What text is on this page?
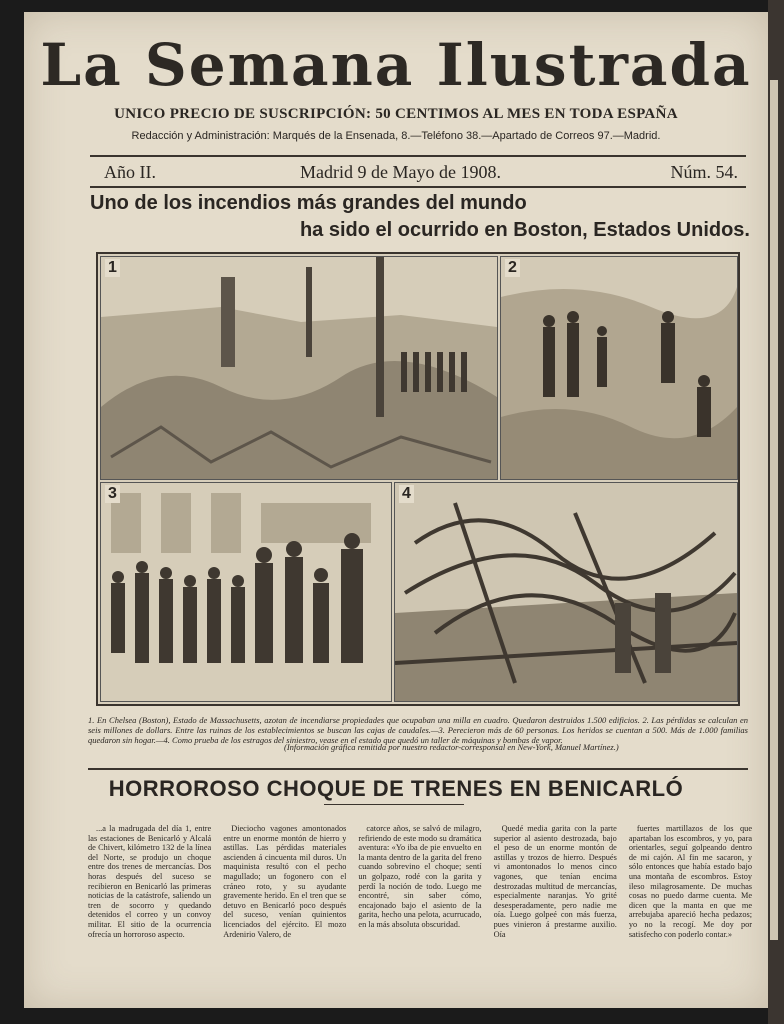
La Semana Ilustrada
UNICO PRECIO DE SUSCRIPCIÓN: 50 CENTIMOS AL MES EN TODA ESPAÑA
Redacción y Administración: Marqués de la Ensenada, 8.—Teléfono 38.—Apartado de Correos 97.—Madrid.
Año II.	Madrid 9 de Mayo de 1908.	Núm. 54.
Uno de los incendios más grandes del mundo
ha sido el ocurrido en Boston, Estados Unidos.
1	2
3	4
1. En Chelsea (Boston), Estado de Massachusetts, azotan de incendiarse propiedades que ocupaban una milla en cuadro. Quedaron destruidos 1.500 edificios. 2. Las pérdidas se calculan en seis millones de dollars. Entre las ruinas de los establecimientos se buscan las cajas de caudales.—3. Perecieron más de 60 personas. Los heridos se cuentan a 500. Más de 1.000 familias quedaron sin hogar.—4. Como prueba de los estragos del siniestro, vease en el estado que quedó un taller de máquinas y bombas de vapor.
(Información gráfica remitida por nuestro redactor-corresponsal en New-York, Manuel Martínez.)
HORROROSO CHOQUE DE TRENES EN BENICARLÓ

...a la madrugada del día 1, entre las estaciones de Benicarló y Alcalá de Chivert, kilómetro 132 de la línea del Norte, se produjo un choque entre dos trenes de mercancías. Dos horas después del suceso se recibieron en Benicarló las primeras noticias de la catástrofe, saliendo un tren de socorro y quedando detenidos el correo y un convoy militar. El sitio de la ocurrencia ofrecía un horroroso aspecto.

Dieciocho vagones amontonados entre un enorme montón de hierro y astillas. Las pérdidas materiales ascienden á cincuenta mil duros. Un maquinista resultó con el pecho magullado; un fogonero con el cráneo roto, y su ayudante gravemente herido. En el tren que se detuvo en Benicarló poco después del suceso, venían quinientos licenciados del ejército. El mozo Ardenirio Valero, de

catorce años, se salvó de milagro, refiriendo de este modo su dramática aventura: «Yo iba de pie envuelto en la manta dentro de la garita del freno cuando sobrevino el choque; sentí un golpazo, rodé con la garita y perdí la noción de todo. Luego me encontré, sin saber cómo, encajonado bajo el asiento de la garita, hecho una pelota, acurrucado, en la más absoluta obscuridad.

Quedé media garita con la parte superior al asiento destrozada, bajo el peso de un enorme montón de astillas y trozos de hierro. Después vi amontonados lo menos cinco vagones, que tenían encima destrozadas multitud de mercancías, especialmente naranjas. Yo grité desesperadamente, pero nadie me oía. Luego golpeé con más fuerza, pues vinieron á prestarme auxilio. Oía

fuertes martillazos de los que apartaban los escombros, y yo, para orientarles, seguí golpeando dentro de mi cajón. Al fin me sacaron, y sólo entonces que había estado bajo una montaña de escombros. Estoy ileso milagrosamente. De muchas cosas no puedo darme cuenta. Me dicen que la manta en que me arrebujaba apareció hecha pedazos; yo no la recogí. Me doy por satisfecho con poderlo contar.»
